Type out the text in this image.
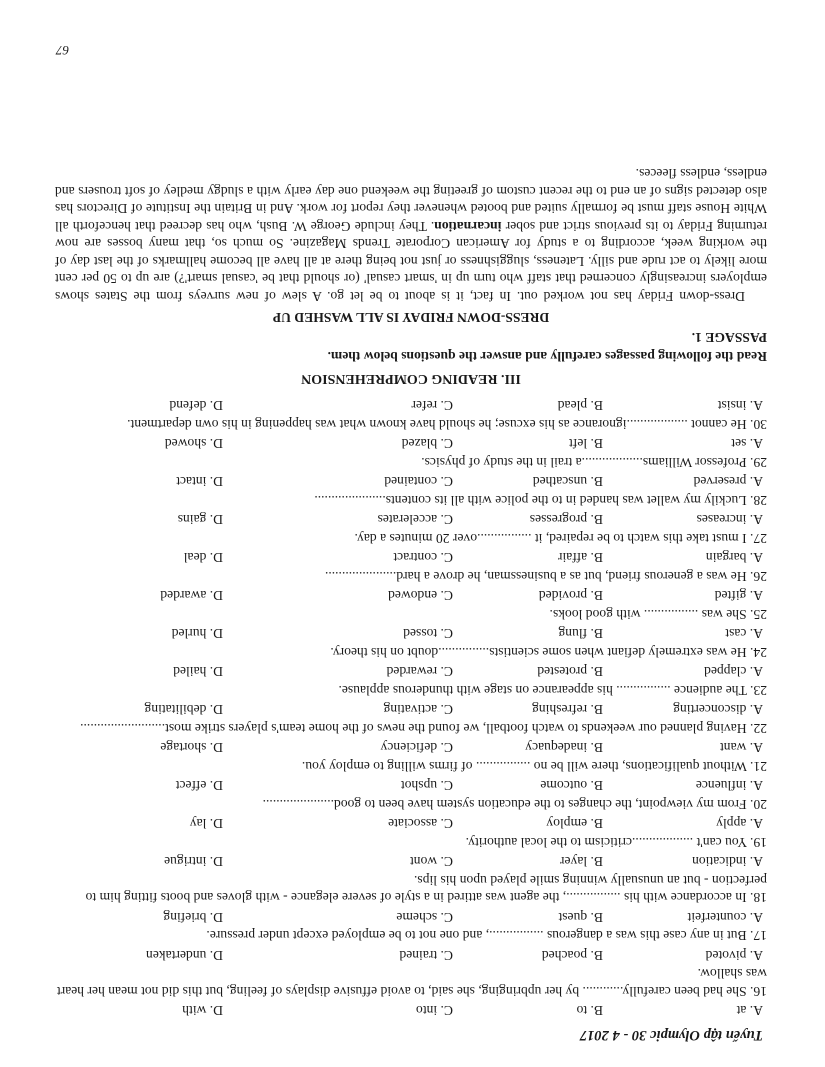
Tuyển tập Olympic 30 - 4 2017
A. at
B. to
C. into
D. with
16. She had been carefully............ by her upbringing, she said, to avoid effusive displays of feeling, but this did not mean her heart was shallow.
A. pivoted
B. poached
C. trained
D. undertaken
17. But in any case this was a dangerous ................, and one not to be employed except under pressure.
A. counterfeit
B. quest
C. scheme
D. briefing
18. In accordance with his ................, the agent was attired in a style of severe elegance - with gloves and boots fitting him to perfection - but an unusually winning smile played upon his lips.
A. indication
B. layer
C. wont
D. intrigue
19. You can't ..................criticism to the local authority.
A. apply
B. employ
C. associate
D. lay
20. From my viewpoint, the changes to the education system have been to good.....................
A. influence
B. outcome
C. upshot
D. effect
21. Without qualifications, there will be no ................ of firms willing to employ you.
A. want
B. inadequacy
C. deficiency
D. shortage
22. Having planned our weekends to watch football, we found the news of the home team's players strike most.........................
A. disconcerting
B. refreshing
C. activating
D. debilitating
23. The audience ................ his appearance on stage with thunderous applause.
A. clapped
B. protested
C. rewarded
D. hailed
24. He was extremely defiant when some scientists...............doubt on his theory.
A. cast
B. flung
C. tossed
D. hurled
25. She was ................ with good looks.
A. gifted
B. provided
C. endowed
D. awarded
26. He was a generous friend, but as a businessman, he drove a hard.....................
A. bargain
B. affair
C. contract
D. deal
27. I must take this watch to be repaired, it ................over 20 minutes a day.
A. increases
B. progresses
C. accelerates
D. gains
28. Luckily my wallet was handed in to the police with all its contents.....................
A. preserved
B. unscathed
C. contained
D. intact
29. Professor Williams..................a trail in the study of physics.
A. set
B. left
C. blazed
D. showed
30. He cannot ..................ignorance as his excuse; he should have known what was happening in his own department.
A. insist
B. plead
C. refer
D. defend
III. READING COMPREHENSION
Read the following passages carefully and answer the questions below them.
PASSAGE 1.
DRESS-DOWN FRIDAY IS ALL WASHED UP
Dress-down Friday has not worked out. In fact, it is about to be let go. A slew of new surveys from the States shows employers increasingly concerned that staff who turn up in 'smart casual' (or should that be 'casual smart'?) are up to 50 per cent more likely to act rude and silly. Lateness, sluggishness or just not being there at all have all become hallmarks of the last day of the working week, according to a study for American Corporate Trends Magazine. So much so, that many bosses are now returning Friday to its previous strict and sober incarnation. They include George W. Bush, who has decreed that henceforth all White House staff must be formally suited and booted whenever they report for work. And in Britain the Institute of Directors has also detected signs of an end to the recent custom of greeting the weekend one day early with a sludgy medley of soft trousers and endless, endless fleeces.
67
